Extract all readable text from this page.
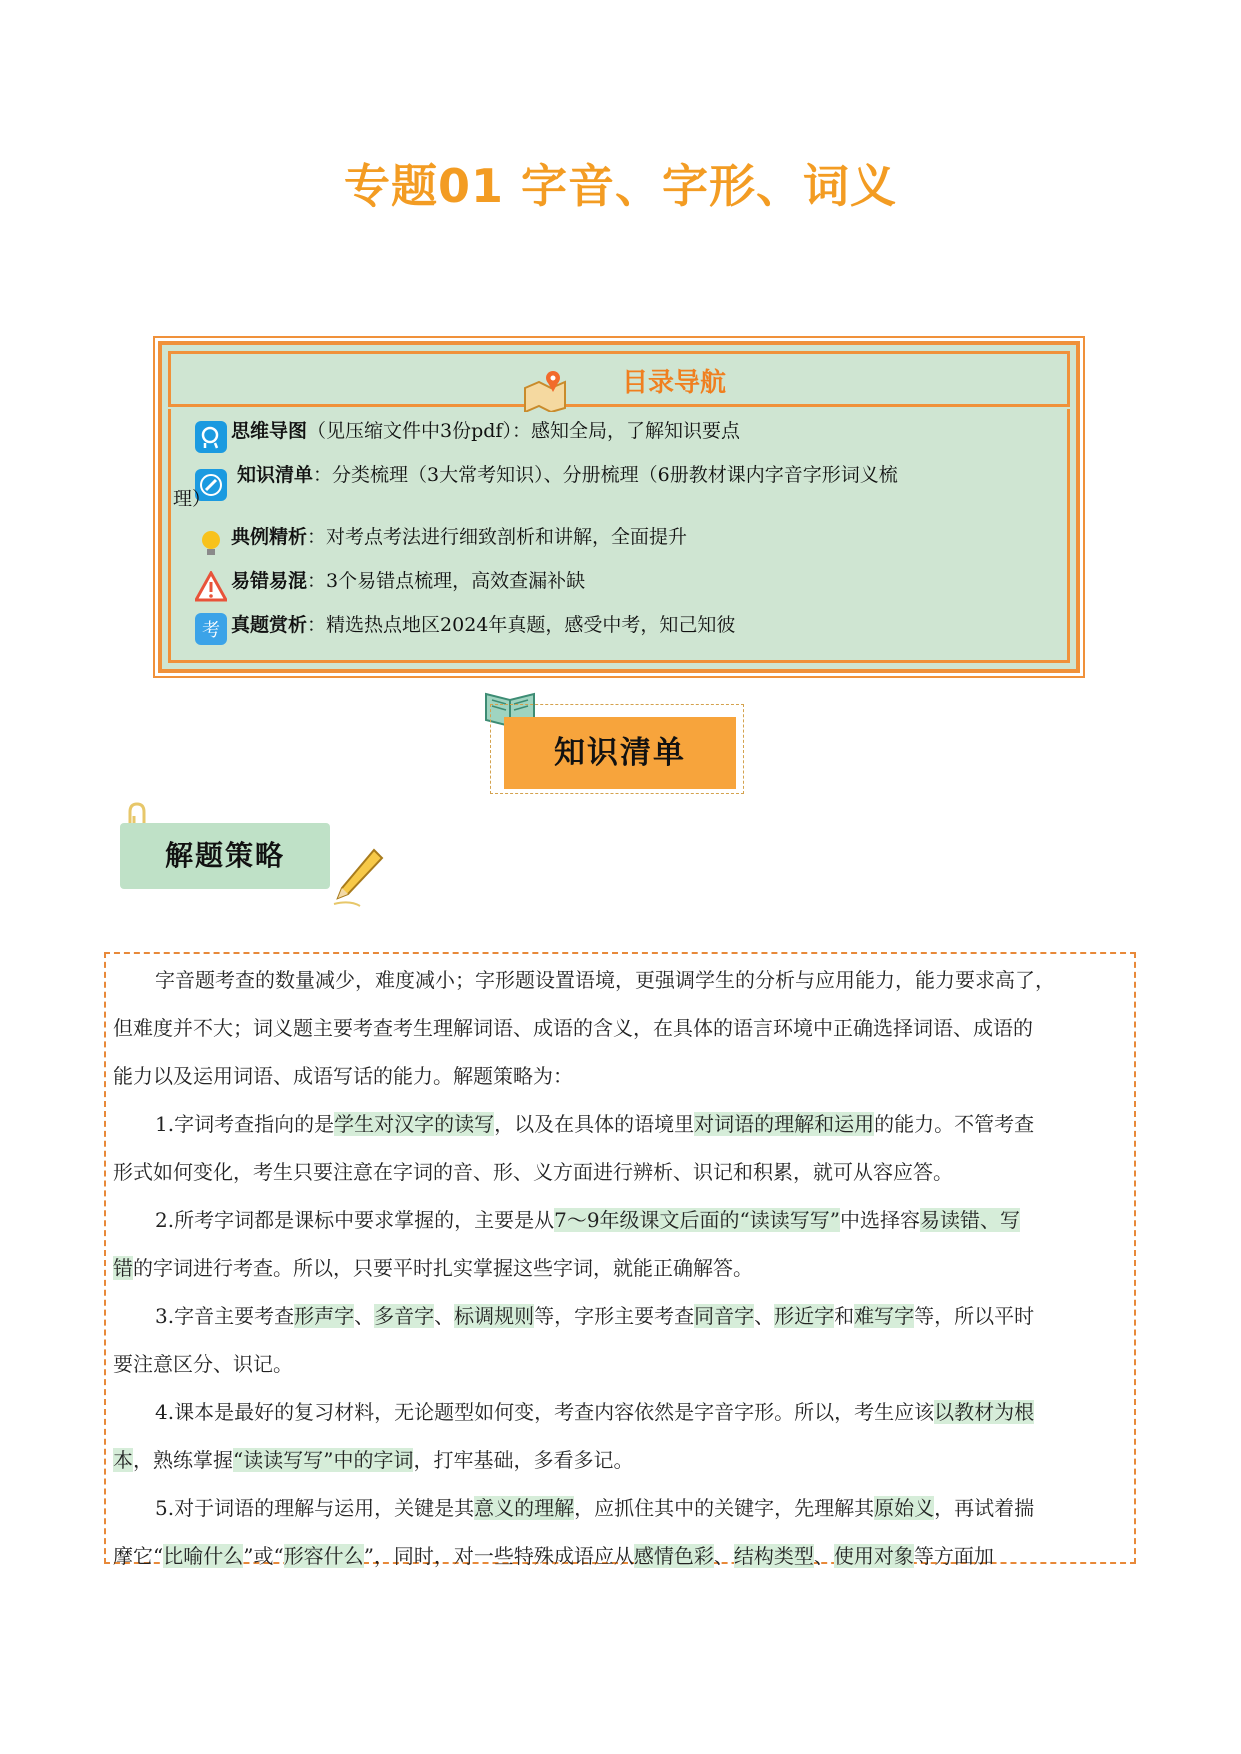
专题01 字音、字形、词义
目录导航
思维导图（见压缩文件中3份pdf）：感知全局，了解知识要点
知识清单：分类梳理（3大常考知识）、分册梳理（6册教材课内字音字形词义梳
理）
典例精析：对考点考法进行细致剖析和讲解，全面提升
易错易混：3个易错点梳理，高效查漏补缺
考 真题赏析：精选热点地区2024年真题，感受中考，知己知彼
知识清单
解题策略
字音题考查的数量减少，难度减小；字形题设置语境，更强调学生的分析与应用能力，能力要求高了，
但难度并不大；词义题主要考查考生理解词语、成语的含义，在具体的语言环境中正确选择词语、成语的
能力以及运用词语、成语写话的能力。解题策略为：
1.字词考查指向的是学生对汉字的读写，以及在具体的语境里对词语的理解和运用的能力。不管考查
形式如何变化，考生只要注意在字词的音、形、义方面进行辨析、识记和积累，就可从容应答。
2.所考字词都是课标中要求掌握的，主要是从7～9年级课文后面的“读读写写”中选择容易读错、写
错的字词进行考查。所以，只要平时扎实掌握这些字词，就能正确解答。
3.字音主要考查形声字、多音字、标调规则等，字形主要考查同音字、形近字和难写字等，所以平时
要注意区分、识记。
4.课本是最好的复习材料，无论题型如何变，考查内容依然是字音字形。所以，考生应该以教材为根
本，熟练掌握“读读写写”中的字词，打牢基础，多看多记。
5.对于词语的理解与运用，关键是其意义的理解，应抓住其中的关键字，先理解其原始义，再试着揣
摩它“比喻什么”或“形容什么”，同时，对一些特殊成语应从感情色彩、结构类型、使用对象等方面加
